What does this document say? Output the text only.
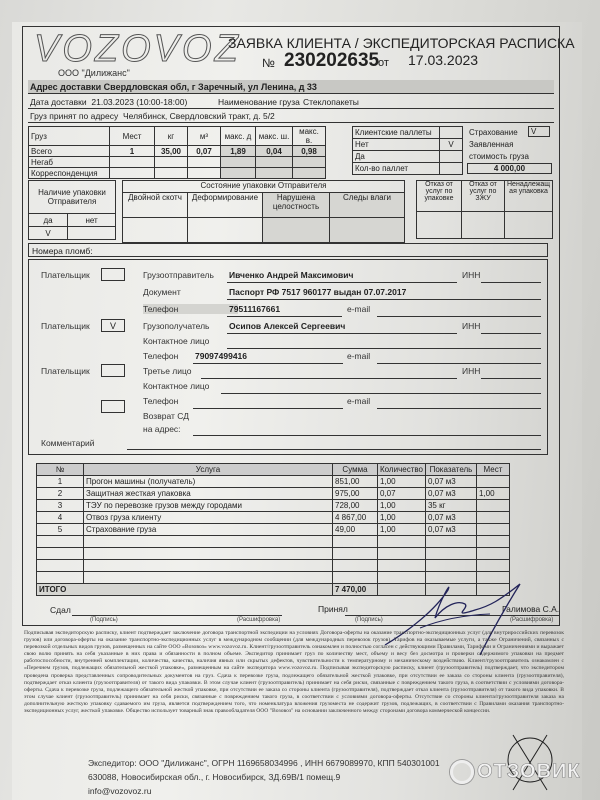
VOZOVOZ
ООО "Дилижанс"
ЗАЯВКА КЛИЕНТА / ЭКСПЕДИТОРСКАЯ РАСПИСКА
№ 230202635
от 17.03.2023
Адрес доставки Свердловская обл, г Заречный, ул Ленина, д 33
Дата доставки 21.03.2023 (10:00-18:00)	Наименование груза Стеклопакеты
Груз принят по адресу Челябинск, Свердловский тракт, д. 5/2
Груз	Мест	кг	м³	макс. д	макс. ш.	макс. в.
Всего	1	35,00	0,07	1,89	0,04	0,98
Негаб						
Корреспонденция						
Клиентские паллеты	
Нет	V
Да	
Кол-во паллет	
Страхование	V
Заявленная
стоимость груза
4 000,00
Наличие упаковки
Отправителя	
да	нет
V	
Состояние упаковки Отправителя			
Двойной скотч	Деформирование	Нарушена целостность	Следы влаги

Отказ от услуг по упаковке	Отказ от услуг по ЗЖУ	Ненадлежащ ая упаковка

Номера пломб:
Плательщик	Грузоотправитель Ивченко Андрей Максимович	ИНН
Документ	Паспорт РФ 7517 960177 выдан 07.07.2017
Телефон	79511167661	e-mail
Плательщик	V	Грузополучатель Осипов Алексей Сергеевич	ИНН
Контактное лицо
Телефон 79097499416	e-mail
Плательщик	Третье лицо	ИНН
Контактное лицо
Телефон	e-mail
Возврат СД
на адрес:
Комментарий
№	Услуга	Сумма	Количество	Показатель	Мест
1	Прогон машины (получатель)	851,00	1,00	0,07 м3	
2	Защитная жесткая упаковка	975,00	0,07	0,07 м3	1,00
3	ТЭУ по перевозке грузов между городами	728,00	1,00	35 кг	
4	Отвоз груза клиенту	4 867,00	1,00	0,07 м3	
5	Страхование груза	49,00	1,00	0,07 м3	

ИТОГО		7 470,00			
Сдал
(Подпись)	(Расшифровка)
Принял
(Подпись)	(Расшифровка)
Галимова С.А.
Подписывая экспедиторскую расписку, клиент подтверждает заключение договора транспортной экспедиции на условиях Договора-оферты на оказание транспортно-экспедиционных услуг (для внутрироссийских перевозок грузов) или договора-оферты на оказание транспортно-экспедиционных услуг в международном сообщении (для международных перевозок грузов), Тарифов на оказываемые услуги, а также Ограничений, связанных с перевозкой отдельных видов грузов, размещенных на сайте ООО «Возовоз» www.vozovoz.ru. Клиент/грузоотправитель ознакомлен и полностью согласен с действующими Правилами, Тарифами и Ограничениями и выражает свою волю принять на себя указанные в них права и обязанности в полном объеме. Экспедитор принимает груз по количеству мест, объему и весу без досмотра и проверки содержимого упаковки на предмет работоспособности, внутренней комплектации, количества, качества, наличия явных или скрытых дефектов, чувствительности к температурному и механическому воздействию. Клиент/грузоотправитель ознакомлен с «Перечнем грузов, подлежащих обязательной жесткой упаковке», размещенным на сайте экспедитора www.vozovoz.ru. Подписывая экспедиторскую расписку, клиент (грузоотправитель) подтверждает, что экспедитором проведена проверка представленных сопроводительных документов на груз. Сдача к перевозке груза, подлежащего обязательной жесткой упаковке, при отсутствии ее заказа со стороны клиента (грузоотправителя), подтверждает отказ клиента (грузоотправителя) от такого вида упаковки. В этом случае клиент (грузоотправитель) принимает на себя риски, связанные с повреждением такого груза, в соответствии с условиями договора-оферты. Сдача к перевозке груза, подлежащего обязательной жесткой упаковке, при отсутствии ее заказа со стороны клиента (грузоотправителя), подтверждает отказ клиента (грузоотправителя) от такого вида упаковки. В этом случае клиент (грузоотправитель) принимает на себя риски, связанные с повреждением такого груза, в соответствии с условиями договора-оферты. Отсутствие со стороны клиента/грузоотправителя заказа на дополнительную жесткую упаковку сдаваемого им груза, является подтверждением того, что номенклатура вложения грузоместа не содержит грузов, подлежащих, в соответствии с Правилами оказания транспортно-экспедиционных услуг, жесткой упаковке. Общество использует товарный знак правообладателя ООО "Возовоз" на основании заключенного между сторонами договора коммерческой концессии.
Экспедитор: ООО "Дилижанс", ОГРН 1169658034996 , ИНН 6679089970, КПП 540301001
630088, Новосибирская обл., г. Новосибирск, ЗД.69В/1 помещ.9
info@vozovoz.ru
ОТЗОВИК
